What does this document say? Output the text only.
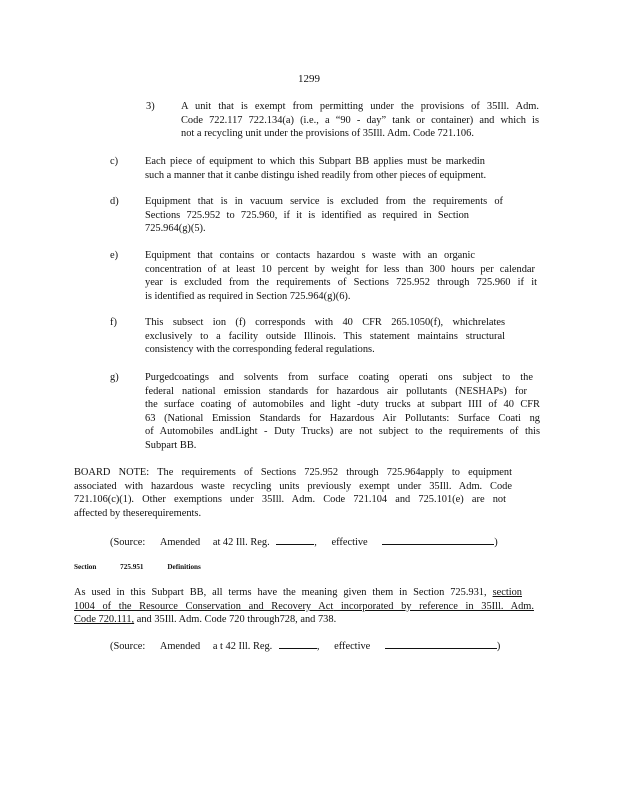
1299
3)	A unit that is exempt from permitting under the provisions of 35Ill. Adm.
Code 722.117 722.134(a) (i.e., a “90 - day” tank or container) and which is
not a recycling unit under the provisions of 35Ill. Adm. Code 721.106.
c)	Each piece of equipment to which this Subpart BB applies must be markedin
such a manner that it canbe distingu ished readily from other pieces of equipment.
d)	Equipment that is in vacuum service is excluded from the requirements of
Sections 725.952 to 725.960, if it is identified as required in Section
725.964(g)(5).
e)	Equipment that contains or contacts hazardou s waste with an organic
concentration of at least 10 percent by weight for less than 300 hours per calendar
year is excluded from the requirements of Sections 725.952 through 725.960 if it
is identified as required in Section 725.964(g)(6).
f)	This subsect ion (f) corresponds with 40 CFR 265.1050(f), whichrelates
exclusively to a facility outside Illinois. This statement maintains structural
consistency with the corresponding federal regulations.
g)	Purgedcoatings and solvents from surface coating operati ons subject to the
federal national emission standards for hazardous air pollutants (NESHAPs) for
the surface coating of automobiles and light -duty trucks at subpart IIII of 40 CFR
63 (National Emission Standards for Hazardous Air Pollutants: Surface Coati ng
of Automobiles andLight - Duty Trucks) are not subject to the requirements of this
Subpart BB.
BOARD NOTE: The requirements of Sections 725.952 through 725.964apply to equipment
associated with hazardous waste recycling units previously exempt under 35Ill. Adm. Code
721.106(c)(1). Other exemptions under 35Ill. Adm. Code 721.104 and 725.101(e) are not
affected by theserequirements.
(Source: Amended at 42 Ill. Reg.	, effective	)
Section	725.951	Definitions
As used in this Subpart BB, all terms have the meaning given them in Section 725.931, section
1004 of the Resource Conservation and Recovery Act incorporated by reference in 35Ill. Adm.
Code 720.111, and 35Ill. Adm. Code 720 through728, and 738.
(Source: Amended a t 42 Ill. Reg.	, effective	)
